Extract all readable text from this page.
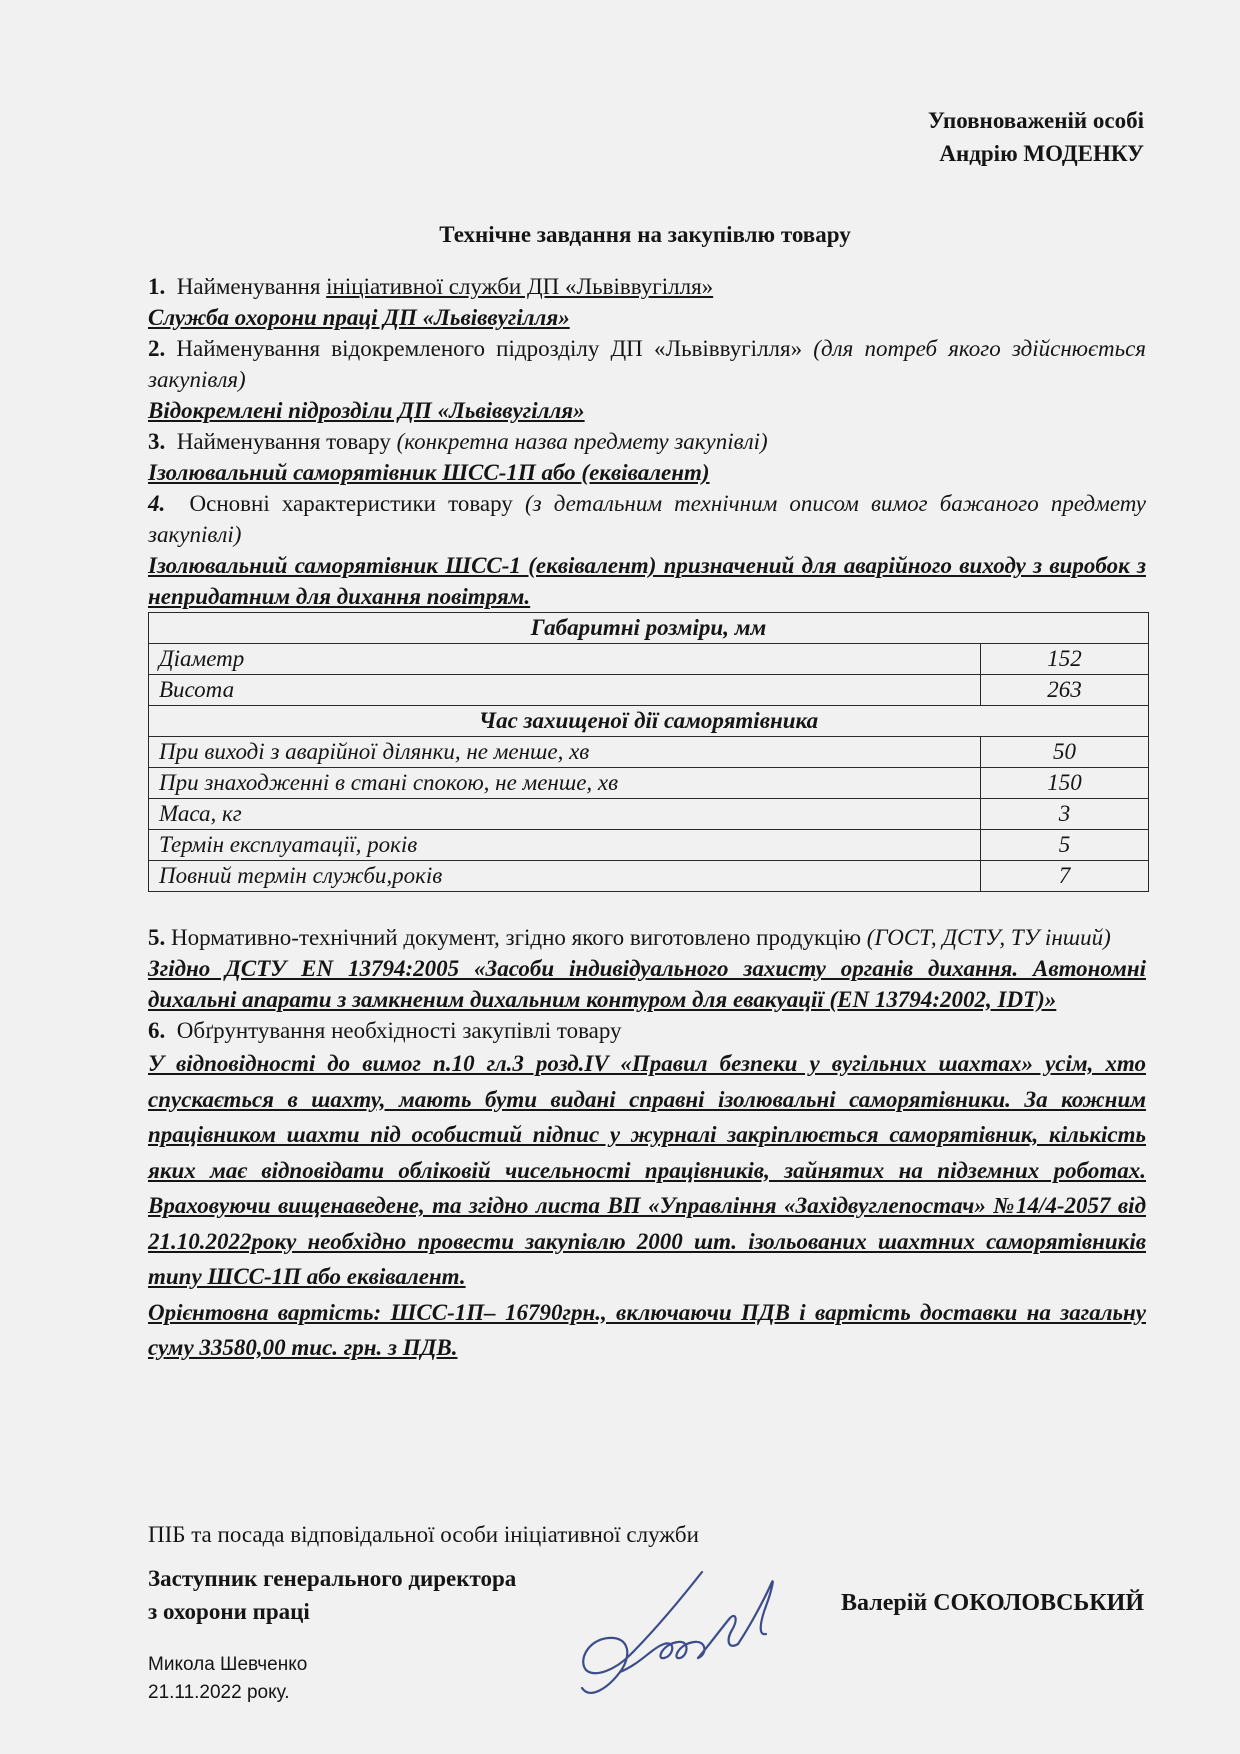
Уповноваженій особі
Андрію МОДЕНКУ
Технічне завдання на закупівлю товару

1. Найменування ініціативної служби ДП «Львіввугілля»

Служба охорони праці ДП «Львіввугілля»

2. Найменування відокремленого підрозділу ДП «Львіввугілля» (для потреб якого здійснюється закупівля)

Відокремлені підрозділи ДП «Львіввугілля»

3. Найменування товару (конкретна назва предмету закупівлі)

Ізолювальний саморятівник ШСС-1П або (еквівалент)

4. Основні характеристики товару (з детальним технічним описом вимог бажаного предмету закупівлі)

Ізолювальний саморятівник ШСС-1 (еквівалент) призначений для аварійного виходу з виробок з непридатним для дихання повітрям.

Габаритні розміри, мм	
Діаметр	152
Висота	263
Час захищеної дії саморятівника	
При виході з аварійної ділянки, не менше, хв	50
При знаходженні в стані спокою, не менше, хв	150
Маса, кг	3
Термін експлуатації, років	5
Повний термін служби,років	7

5. Нормативно-технічний документ, згідно якого виготовлено продукцію (ГОСТ, ДСТУ, ТУ інший)

Згідно ДСТУ EN 13794:2005 «Засоби індивідуального захисту органів дихання. Автономні дихальні апарати з замкненим дихальним контуром для евакуації (EN 13794:2002, IDT)»

6. Обґрунтування необхідності закупівлі товару

У відповідності до вимог п.10 гл.3 розд.IV «Правил безпеки у вугільних шахтах» усім, хто спускається в шахту, мають бути видані справні ізолювальні саморятівники. За кожним працівником шахти під особистий підпис у журналі закріплюється саморятівник, кількість яких має відповідати обліковій чисельності працівників, зайнятих на підземних роботах. Враховуючи вищенаведене, та згідно листа ВП «Управління «Західвуглепостач» №14/4-2057 від 21.10.2022року необхідно провести закупівлю 2000 шт. ізольованих шахтних саморятівників типу ШСС-1П або еквівалент.

Орієнтовна вартість: ШСС-1П– 16790грн., включаючи ПДВ і вартість доставки на загальну суму 33580,00 тис. грн. з ПДВ.

ПІБ та посада відповідальної особи ініціативної служби
Заступник генерального директора
з охорони праці	Валерій СОКОЛОВСЬКИЙ
Микола Шевченко
21.11.2022 року.
